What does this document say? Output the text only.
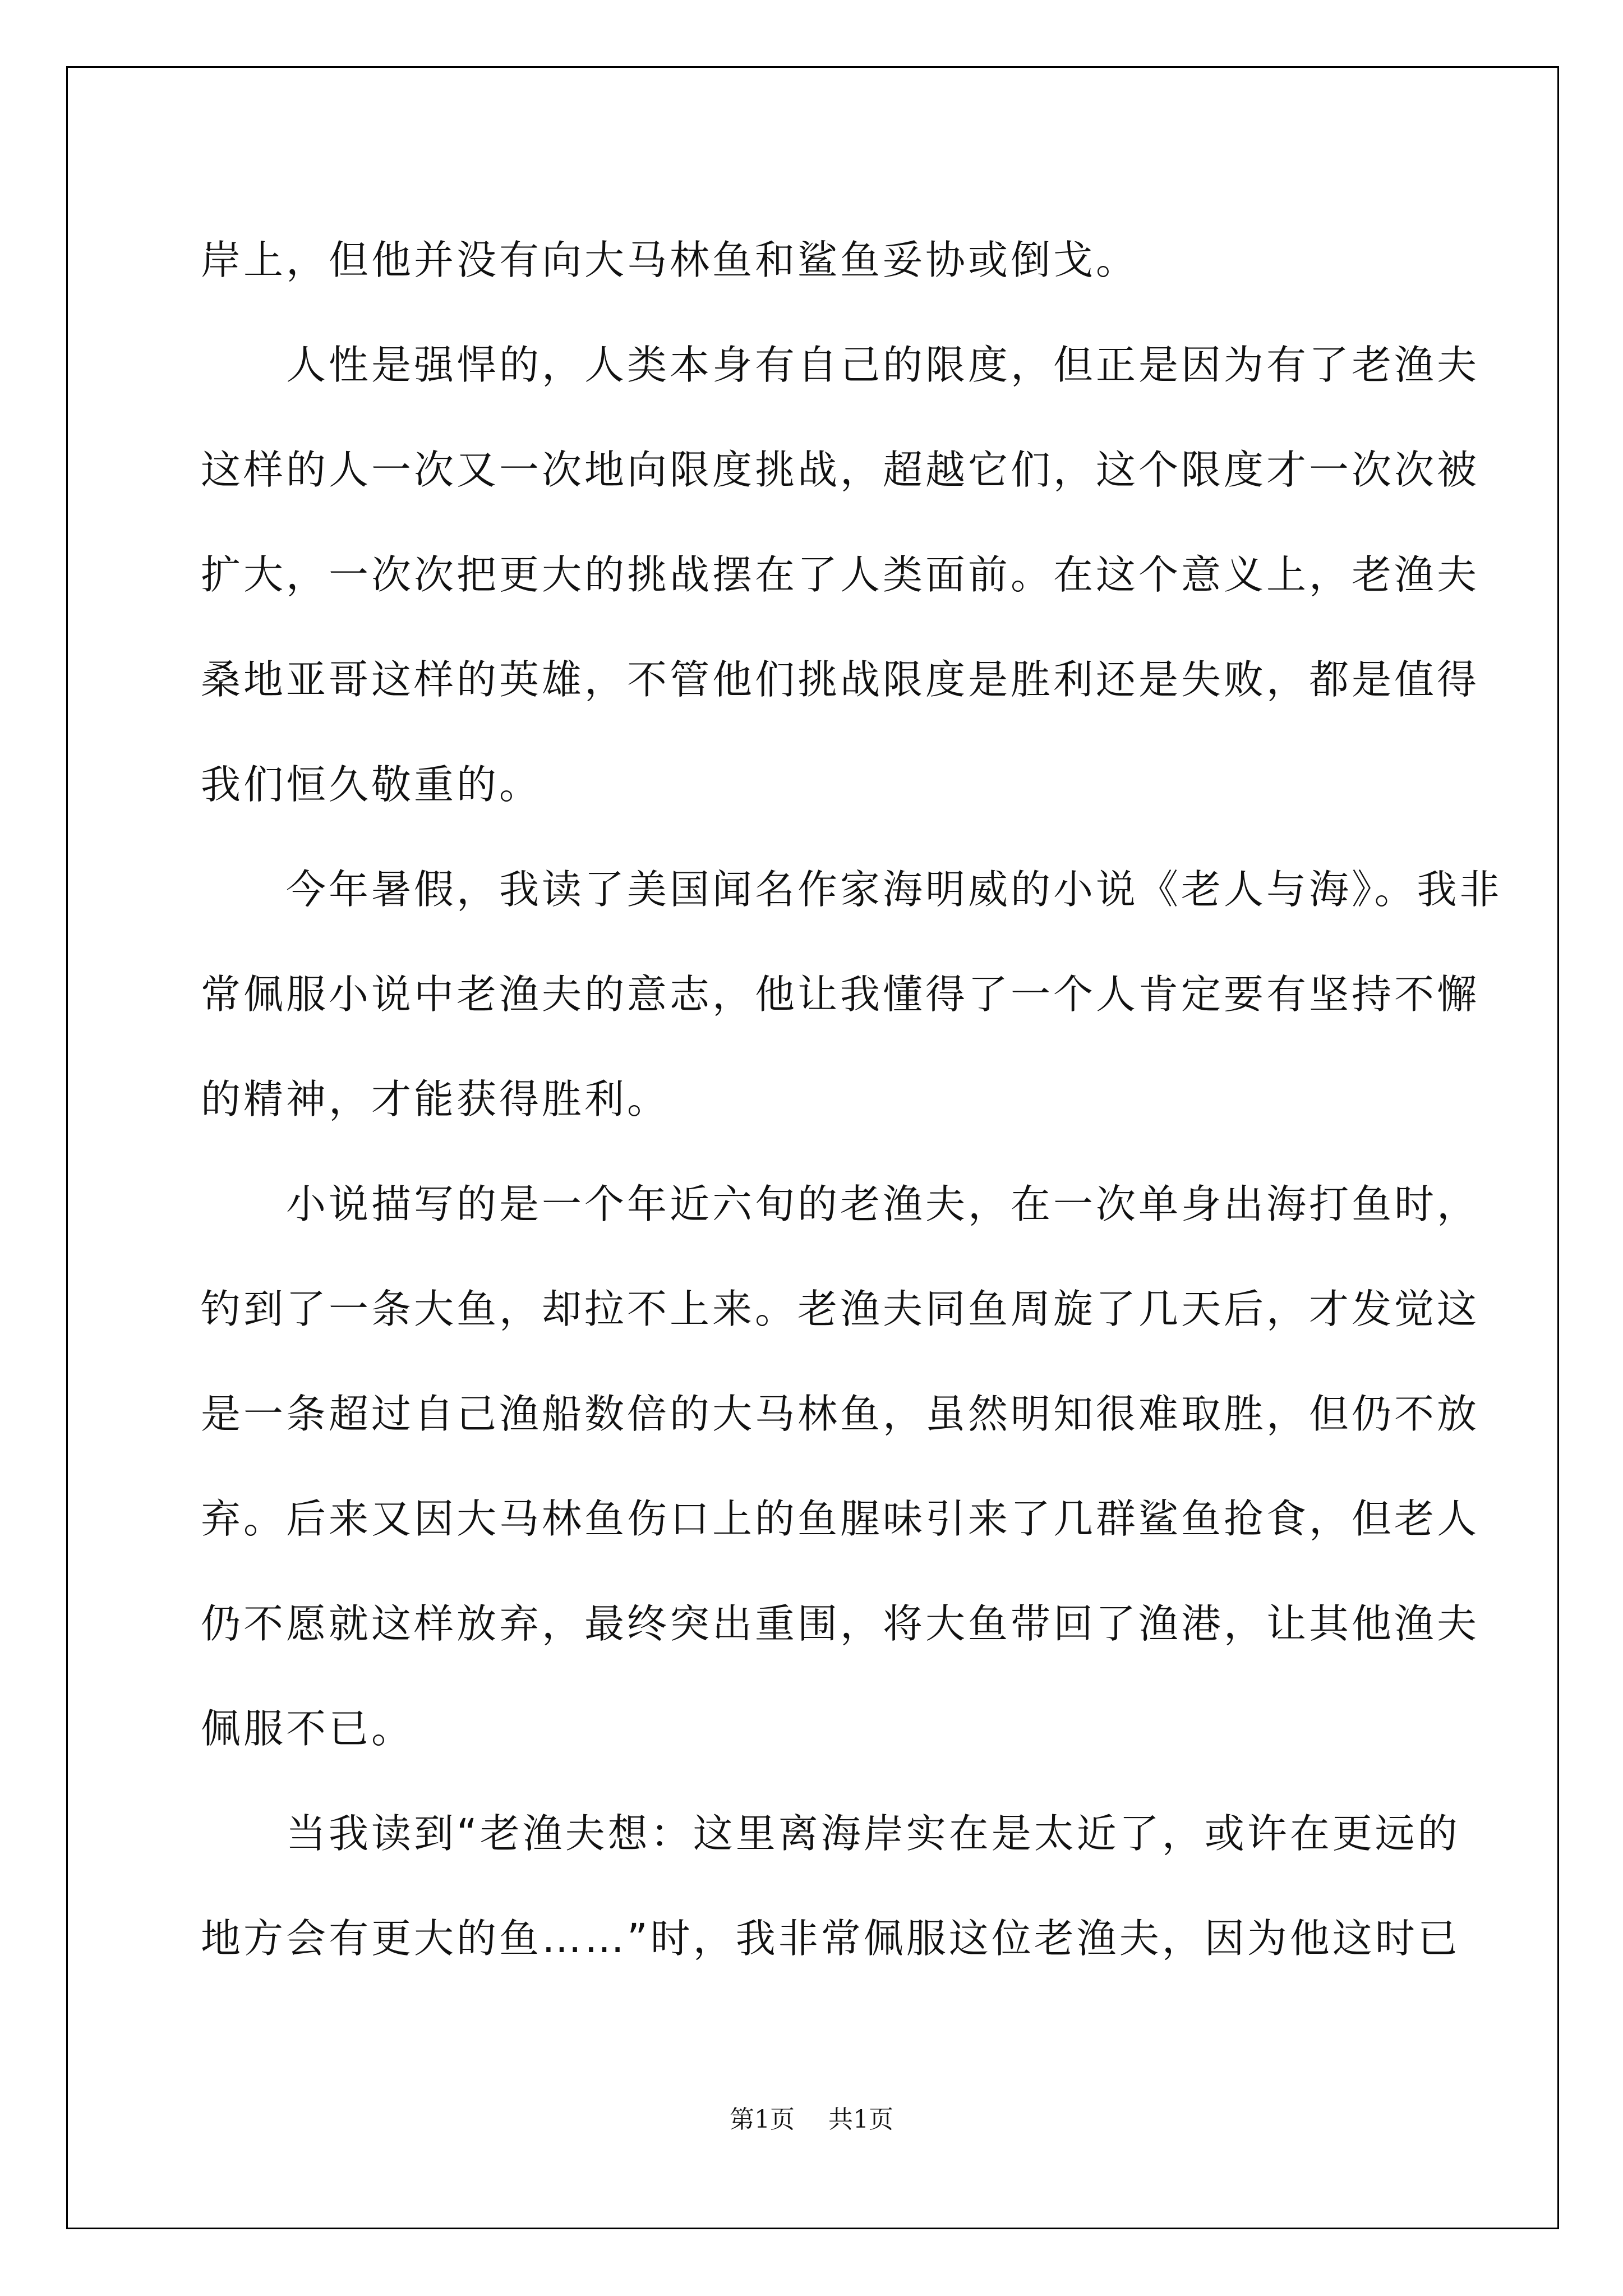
岸上，但他并没有向大马林鱼和鲨鱼妥协或倒戈。
　　人性是强悍的，人类本身有自己的限度，但正是因为有了老渔夫
这样的人一次又一次地向限度挑战，超越它们，这个限度才一次次被
扩大，一次次把更大的挑战摆在了人类面前。在这个意义上，老渔夫
桑地亚哥这样的英雄，不管他们挑战限度是胜利还是失败，都是值得
我们恒久敬重的。
　　今年暑假，我读了美国闻名作家海明威的小说《老人与海》。我非
常佩服小说中老渔夫的意志，他让我懂得了一个人肯定要有坚持不懈
的精神，才能获得胜利。
　　小说描写的是一个年近六旬的老渔夫，在一次单身出海打鱼时，
钓到了一条大鱼，却拉不上来。老渔夫同鱼周旋了几天后，才发觉这
是一条超过自己渔船数倍的大马林鱼，虽然明知很难取胜，但仍不放
弃。后来又因大马林鱼伤口上的鱼腥味引来了几群鲨鱼抢食，但老人
仍不愿就这样放弃，最终突出重围，将大鱼带回了渔港，让其他渔夫
佩服不已。
　　当我读到“老渔夫想：这里离海岸实在是太近了，或许在更远的
地方会有更大的鱼……”时，我非常佩服这位老渔夫，因为他这时已
第1页 共1页
